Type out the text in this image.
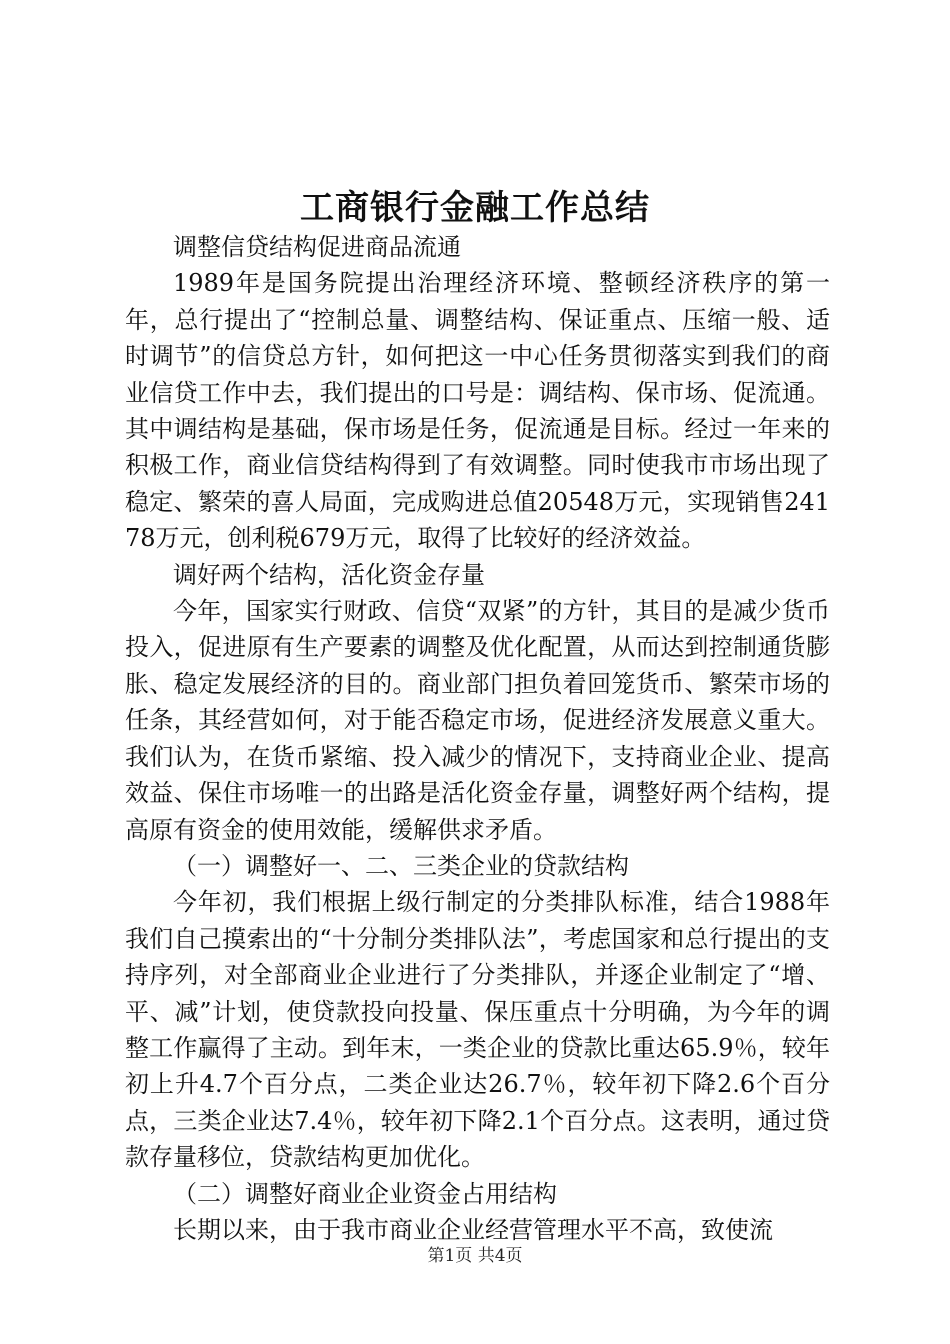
工商银行金融工作总结

调整信贷结构促进商品流通

1989年是国务院提出治理经济环境、整顿经济秩序的第一年，总行提出了“控制总量、调整结构、保证重点、压缩一般、适时调节”的信贷总方针，如何把这一中心任务贯彻落实到我们的商业信贷工作中去，我们提出的口号是：调结构、保市场、促流通。其中调结构是基础，保市场是任务，促流通是目标。经过一年来的积极工作，商业信贷结构得到了有效调整。同时使我市市场出现了稳定、繁荣的喜人局面，完成购进总值20548万元，实现销售24178万元，创利税679万元，取得了比较好的经济效益。

调好两个结构，活化资金存量

今年，国家实行财政、信贷“双紧”的方针，其目的是减少货币投入，促进原有生产要素的调整及优化配置，从而达到控制通货膨胀、稳定发展经济的目的。商业部门担负着回笼货币、繁荣市场的任条，其经营如何，对于能否稳定市场，促进经济发展意义重大。我们认为，在货币紧缩、投入减少的情况下，支持商业企业、提高效益、保住市场唯一的出路是活化资金存量，调整好两个结构，提高原有资金的使用效能，缓解供求矛盾。

（一）调整好一、二、三类企业的贷款结构

今年初，我们根据上级行制定的分类排队标准，结合1988年我们自己摸索出的“十分制分类排队法”，考虑国家和总行提出的支持序列，对全部商业企业进行了分类排队，并逐企业制定了“增、平、减”计划，使贷款投向投量、保压重点十分明确，为今年的调整工作赢得了主动。到年末，一类企业的贷款比重达65.9％，较年初上升4.7个百分点，二类企业达26.7％，较年初下降2.6个百分点，三类企业达7.4％，较年初下降2.1个百分点。这表明，通过贷款存量移位，贷款结构更加优化。

（二）调整好商业企业资金占用结构

长期以来，由于我市商业企业经营管理水平不高，致使流

第1页 共4页
